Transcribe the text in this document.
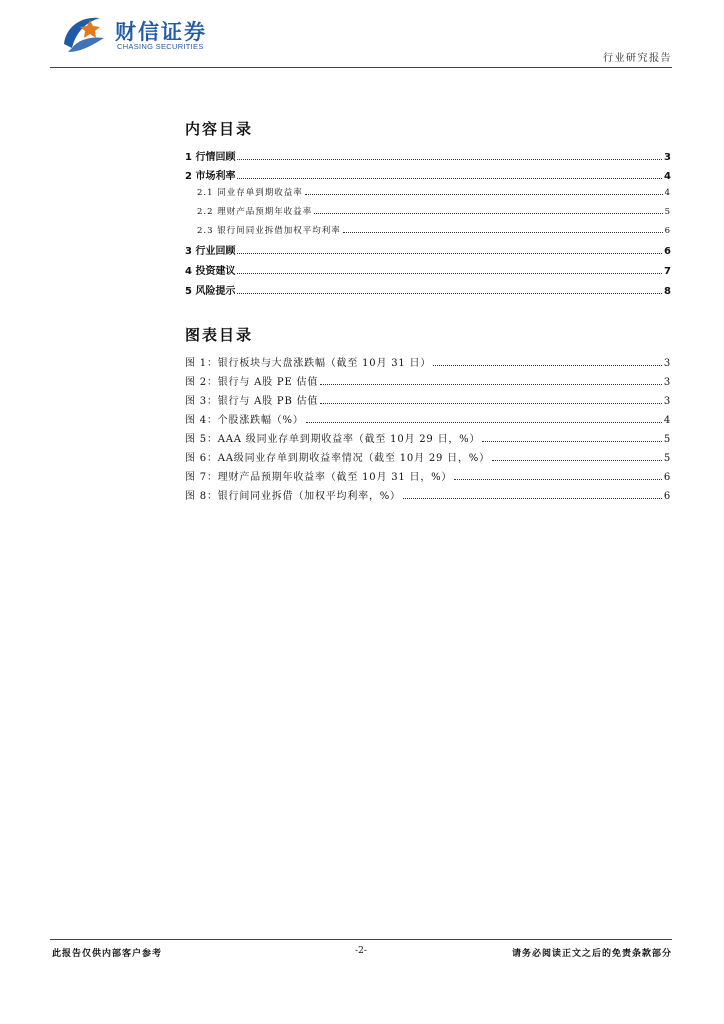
财信证券
CHASING SECURITIES
行业研究报告
内容目录
1 行情回顾	3
2 市场利率	4
2.1 同业存单到期收益率	4
2.2 理财产品预期年收益率	5
2.3 银行间同业拆借加权平均利率	6
3 行业回顾	6
4 投资建议	7
5 风险提示	8
图表目录
图 1：银行板块与大盘涨跌幅（截至 10月 31 日）	3
图 2：银行与 A股 PE 估值	3
图 3：银行与 A股 PB 估值	3
图 4：个股涨跌幅（%）	4
图 5：AAA 级同业存单到期收益率（截至 10月 29 日，%）	5
图 6：AA级同业存单到期收益率情况（截至 10月 29 日，%）	5
图 7：理财产品预期年收益率（截至 10月 31 日，%）	6
图 8：银行间同业拆借（加权平均利率，%）	6
此报告仅供内部客户参考	-2-	请务必阅读正文之后的免责条款部分
